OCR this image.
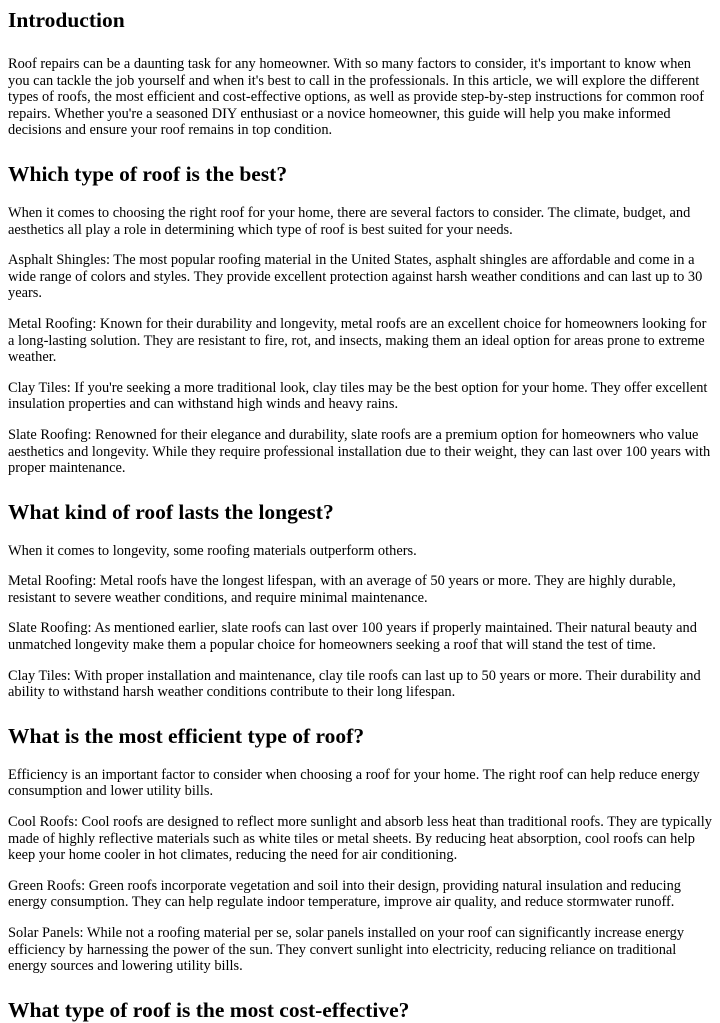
Introduction

Roof repairs can be a daunting task for any homeowner. With so many factors to consider, it's important to know when you can tackle the job yourself and when it's best to call in the professionals. In this article, we will explore the different types of roofs, the most efficient and cost-effective options, as well as provide step-by-step instructions for common roof repairs. Whether you're a seasoned DIY enthusiast or a novice homeowner, this guide will help you make informed decisions and ensure your roof remains in top condition.

Which type of roof is the best?

When it comes to choosing the right roof for your home, there are several factors to consider. The climate, budget, and aesthetics all play a role in determining which type of roof is best suited for your needs.

Asphalt Shingles: The most popular roofing material in the United States, asphalt shingles are affordable and come in a wide range of colors and styles. They provide excellent protection against harsh weather conditions and can last up to 30 years.

Metal Roofing: Known for their durability and longevity, metal roofs are an excellent choice for homeowners looking for a long-lasting solution. They are resistant to fire, rot, and insects, making them an ideal option for areas prone to extreme weather.

Clay Tiles: If you're seeking a more traditional look, clay tiles may be the best option for your home. They offer excellent insulation properties and can withstand high winds and heavy rains.

Slate Roofing: Renowned for their elegance and durability, slate roofs are a premium option for homeowners who value aesthetics and longevity. While they require professional installation due to their weight, they can last over 100 years with proper maintenance.

What kind of roof lasts the longest?

When it comes to longevity, some roofing materials outperform others.

Metal Roofing: Metal roofs have the longest lifespan, with an average of 50 years or more. They are highly durable, resistant to severe weather conditions, and require minimal maintenance.

Slate Roofing: As mentioned earlier, slate roofs can last over 100 years if properly maintained. Their natural beauty and unmatched longevity make them a popular choice for homeowners seeking a roof that will stand the test of time.

Clay Tiles: With proper installation and maintenance, clay tile roofs can last up to 50 years or more. Their durability and ability to withstand harsh weather conditions contribute to their long lifespan.

What is the most efficient type of roof?

Efficiency is an important factor to consider when choosing a roof for your home. The right roof can help reduce energy consumption and lower utility bills.

Cool Roofs: Cool roofs are designed to reflect more sunlight and absorb less heat than traditional roofs. They are typically made of highly reflective materials such as white tiles or metal sheets. By reducing heat absorption, cool roofs can help keep your home cooler in hot climates, reducing the need for air conditioning.

Green Roofs: Green roofs incorporate vegetation and soil into their design, providing natural insulation and reducing energy consumption. They can help regulate indoor temperature, improve air quality, and reduce stormwater runoff.

Solar Panels: While not a roofing material per se, solar panels installed on your roof can significantly increase energy efficiency by harnessing the power of the sun. They convert sunlight into electricity, reducing reliance on traditional energy sources and lowering utility bills.

What type of roof is the most cost-effective?
